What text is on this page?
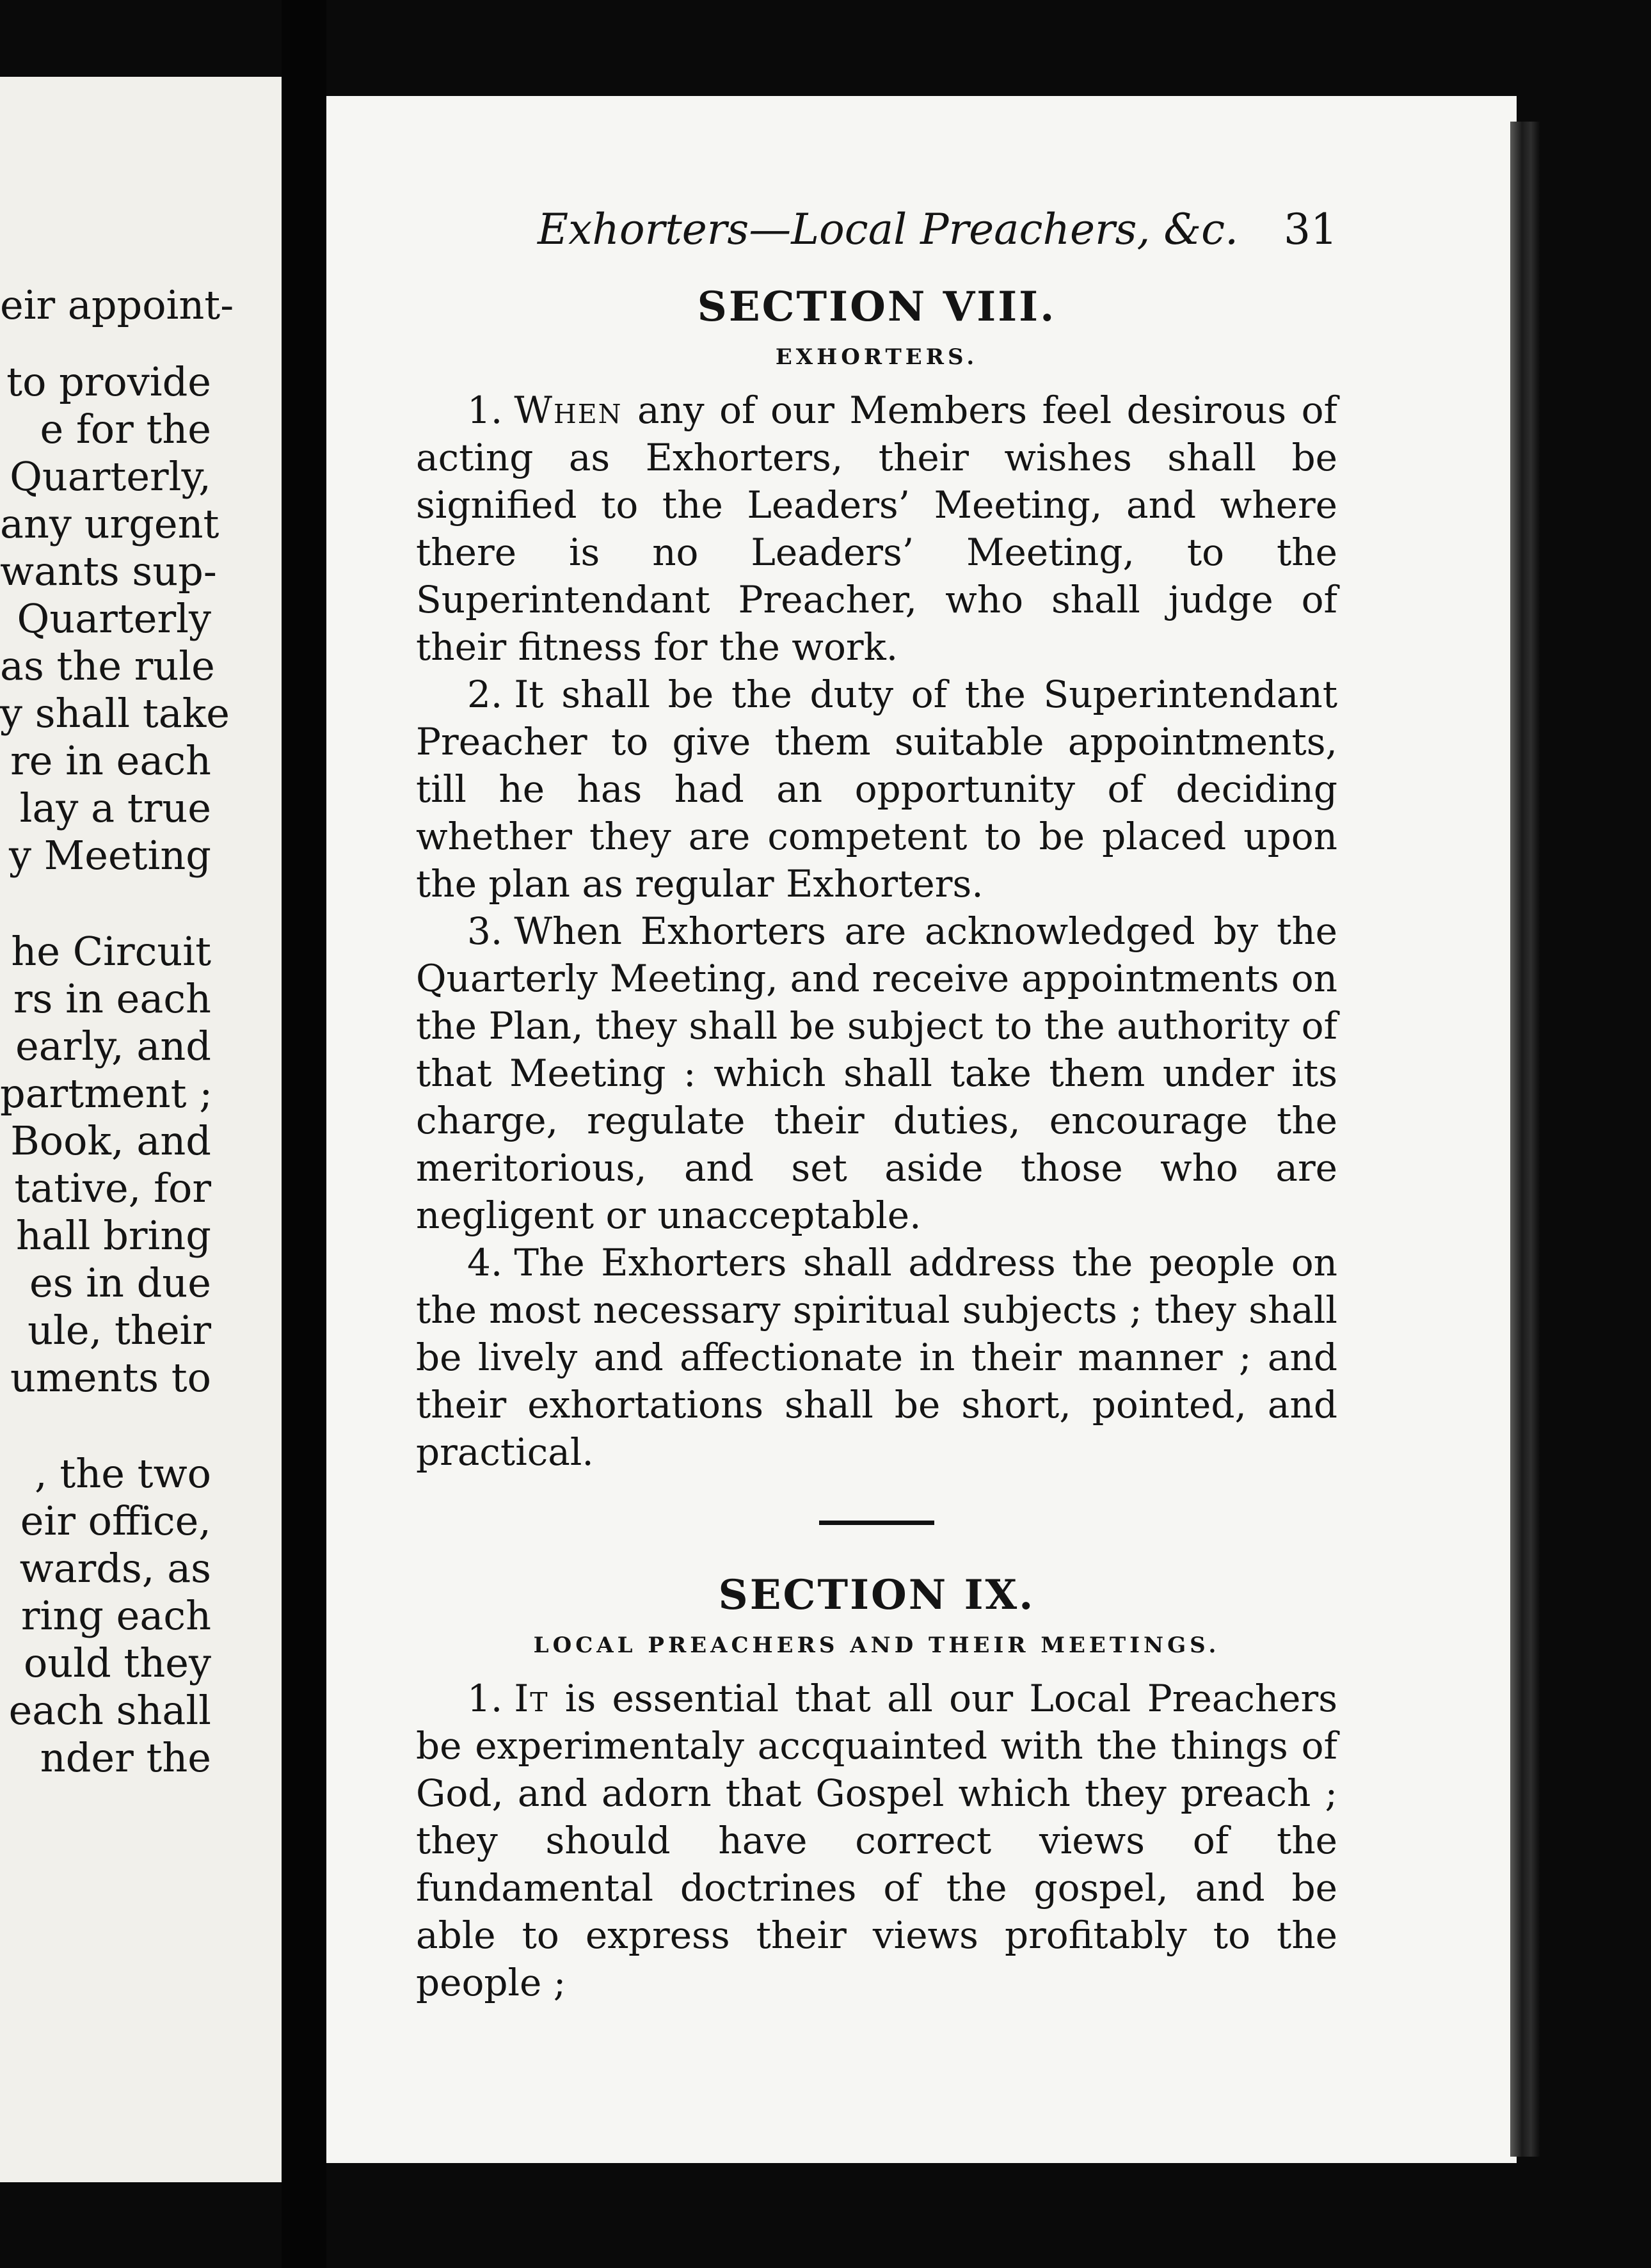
eir appoint-
to provide
e for the
Quarterly,
any urgent
wants sup-
Quarterly
as the rule
y shall take
re in each
lay a true
y Meeting
he Circuit
rs in each
early, and
partment ;
Book, and
tative, for
hall bring
es in due
ule, their
uments to
, the two
eir office,
wards, as
ring each
ould they
each shall
nder the
Exhorters—Local Preachers, &c. 31
SECTION VIII.
EXHORTERS.

1. When any of our Members feel desirous of acting as Exhorters, their wishes shall be signified to the Leaders’ Meeting, and where there is no Leaders’ Meeting, to the Superintendant Preacher, who shall judge of their fitness for the work.

2. It shall be the duty of the Superintendant Preacher to give them suitable appointments, till he has had an opportunity of deciding whether they are competent to be placed upon the plan as regular Exhorters.

3. When Exhorters are acknowledged by the Quarterly Meeting, and receive appointments on the Plan, they shall be subject to the authority of that Meeting : which shall take them under its charge, regulate their duties, encourage the meritorious, and set aside those who are negligent or unacceptable.

4. The Exhorters shall address the people on the most necessary spiritual subjects ; they shall be lively and affectionate in their manner ; and their exhortations shall be short, pointed, and practical.

SECTION IX.
LOCAL PREACHERS AND THEIR MEETINGS.

1. It is essential that all our Local Preachers be experimentaly accquainted with the things of God, and adorn that Gospel which they preach ; they should have correct views of the fundamental doctrines of the gospel, and be able to express their views profitably to the people ;
